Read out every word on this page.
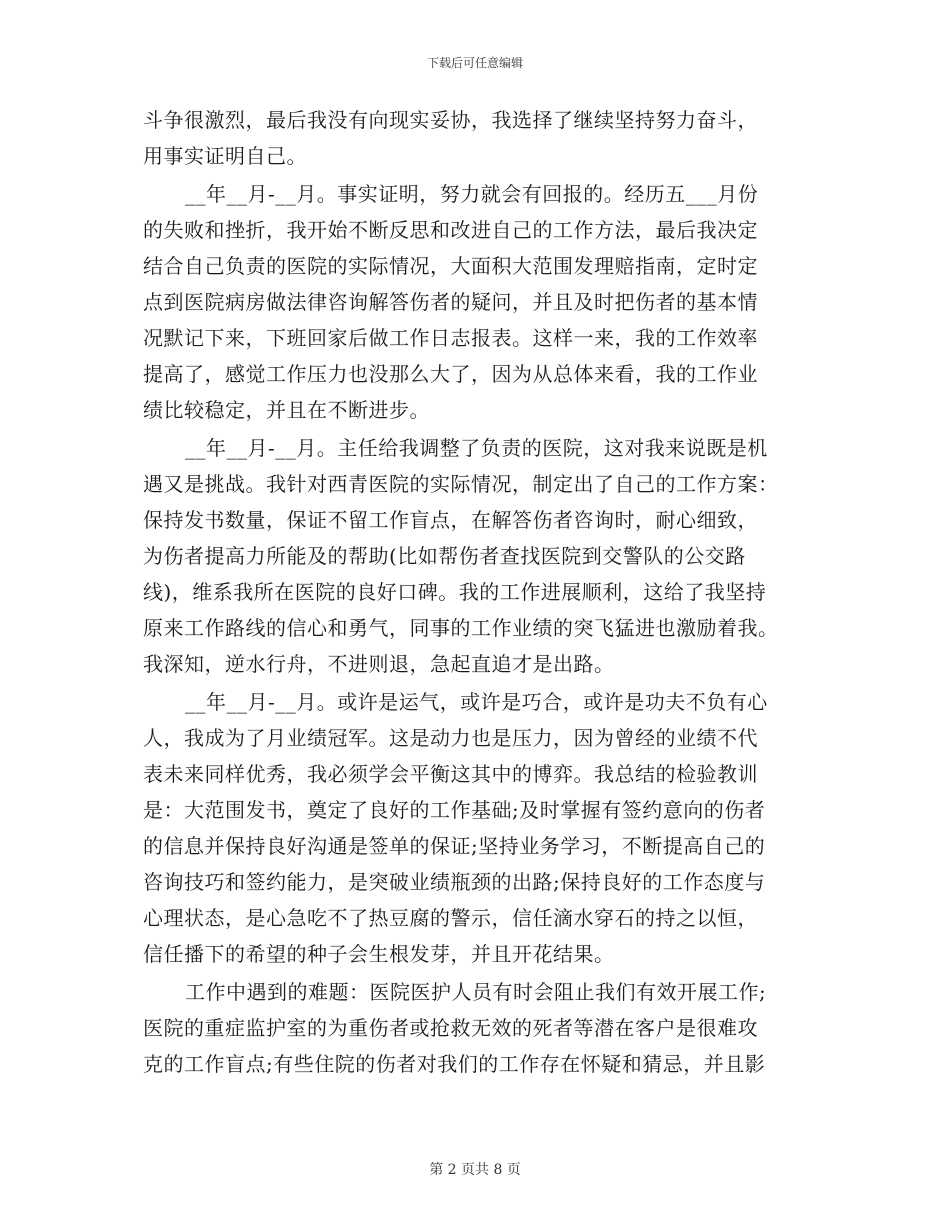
下载后可任意编辑
斗争很激烈，最后我没有向现实妥协，我选择了继续坚持努力奋斗，
用事实证明自己。
__年__月-__月。事实证明，努力就会有回报的。经历五___月份
的失败和挫折，我开始不断反思和改进自己的工作方法，最后我决定
结合自己负责的医院的实际情况，大面积大范围发理赔指南，定时定
点到医院病房做法律咨询解答伤者的疑问，并且及时把伤者的基本情
况默记下来，下班回家后做工作日志报表。这样一来，我的工作效率
提高了，感觉工作压力也没那么大了，因为从总体来看，我的工作业
绩比较稳定，并且在不断进步。
__年__月-__月。主任给我调整了负责的医院，这对我来说既是机
遇又是挑战。我针对西青医院的实际情况，制定出了自己的工作方案：
保持发书数量，保证不留工作盲点，在解答伤者咨询时，耐心细致，
为伤者提高力所能及的帮助(比如帮伤者查找医院到交警队的公交路
线)，维系我所在医院的良好口碑。我的工作进展顺利，这给了我坚持
原来工作路线的信心和勇气，同事的工作业绩的突飞猛进也激励着我。
我深知，逆水行舟，不进则退，急起直追才是出路。
__年__月-__月。或许是运气，或许是巧合，或许是功夫不负有心
人，我成为了月业绩冠军。这是动力也是压力，因为曾经的业绩不代
表未来同样优秀，我必须学会平衡这其中的博弈。我总结的检验教训
是：大范围发书，奠定了良好的工作基础;及时掌握有签约意向的伤者
的信息并保持良好沟通是签单的保证;坚持业务学习，不断提高自己的
咨询技巧和签约能力，是突破业绩瓶颈的出路;保持良好的工作态度与
心理状态，是心急吃不了热豆腐的警示，信任滴水穿石的持之以恒，
信任播下的希望的种子会生根发芽，并且开花结果。
工作中遇到的难题：医院医护人员有时会阻止我们有效开展工作;
医院的重症监护室的为重伤者或抢救无效的死者等潜在客户是很难攻
克的工作盲点;有些住院的伤者对我们的工作存在怀疑和猜忌，并且影
第 2 页共 8 页
